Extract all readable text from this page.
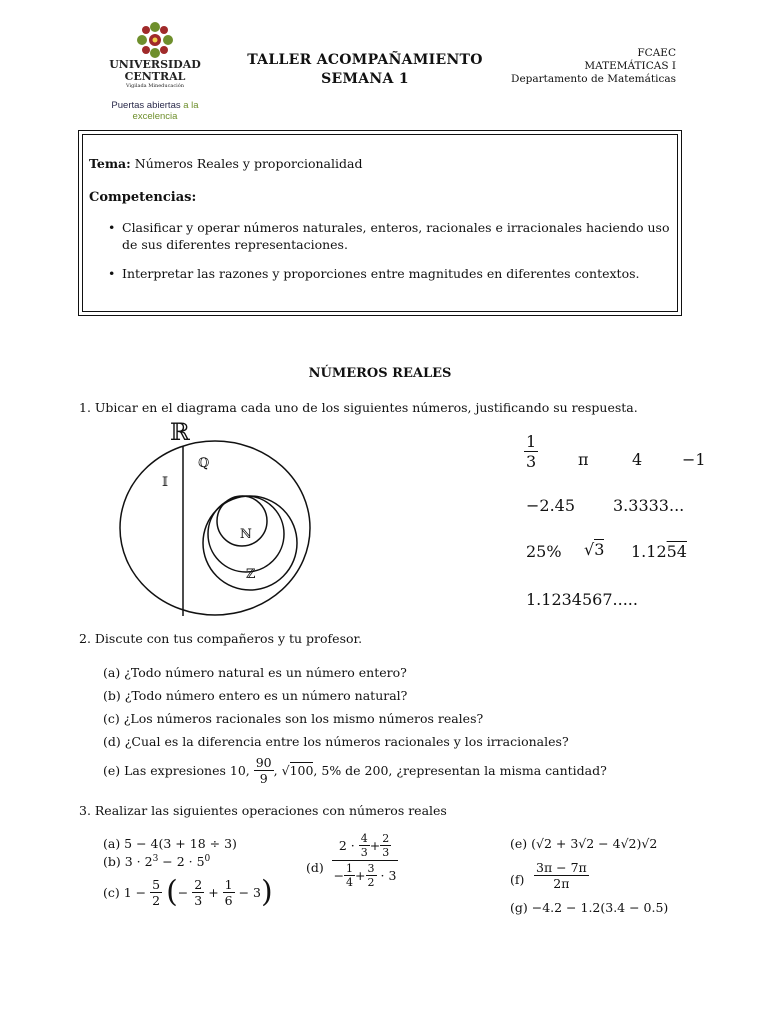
UNIVERSIDAD
CENTRAL
Vigilada Mineducación
Puertas abiertas a la excelencia
TALLER ACOMPAÑAMIENTO
SEMANA 1
FCAEC
MATEMÁTICAS I
Departamento de Matemáticas
Tema: Números Reales y proporcionalidad
Competencias:
• Clasificar y operar números naturales, enteros, racionales e irracionales haciendo uso
de sus diferentes representaciones.
• Interpretar las razones y proporciones entre magnitudes en diferentes contextos.
NÚMEROS REALES
1. Ubicar en el diagrama cada uno de los siguientes números, justificando su respuesta.
ℝ
ℚ
𝕀
ℕ
ℤ
$\frac{1}{3}$ π	4 −1
−2.45 3.3333...
25% √3 1.1254
1.1234567.....
2. Discute con tus compañeros y tu profesor.
(a) ¿Todo número natural es un número entero?
(b) ¿Todo número entero es un número natural?
(c) ¿Los números racionales son los mismo números reales?
(d) ¿Cual es la diferencia entre los números racionales y los irracionales?
(e) Las expresiones 10, $\frac{90}{9}$ , √100, 5% de 200, ¿representan la misma cantidad?
3. Realizar las siguientes operaciones con números reales
(a) 5 − 4(3 + 18 ÷ 3)
(b) $3 \cdot 2^3 - 2 \cdot 5^0$
(c) $1 - \frac{5}{2}$ (− $\frac{2}{3} + \frac{1}{6} - 3$)
$(d) \frac{2 \cdot \frac{4}{3} + \frac{2}{3}}{- \frac{1}{4} + \frac{3}{2} \cdot 3}$	(e) (√2 + 3√2 − 4√2)√2
$(f) \frac{3\pi - 7\pi}{2\pi}$
(g) −4.2 − 1.2(3.4 − 0.5)
